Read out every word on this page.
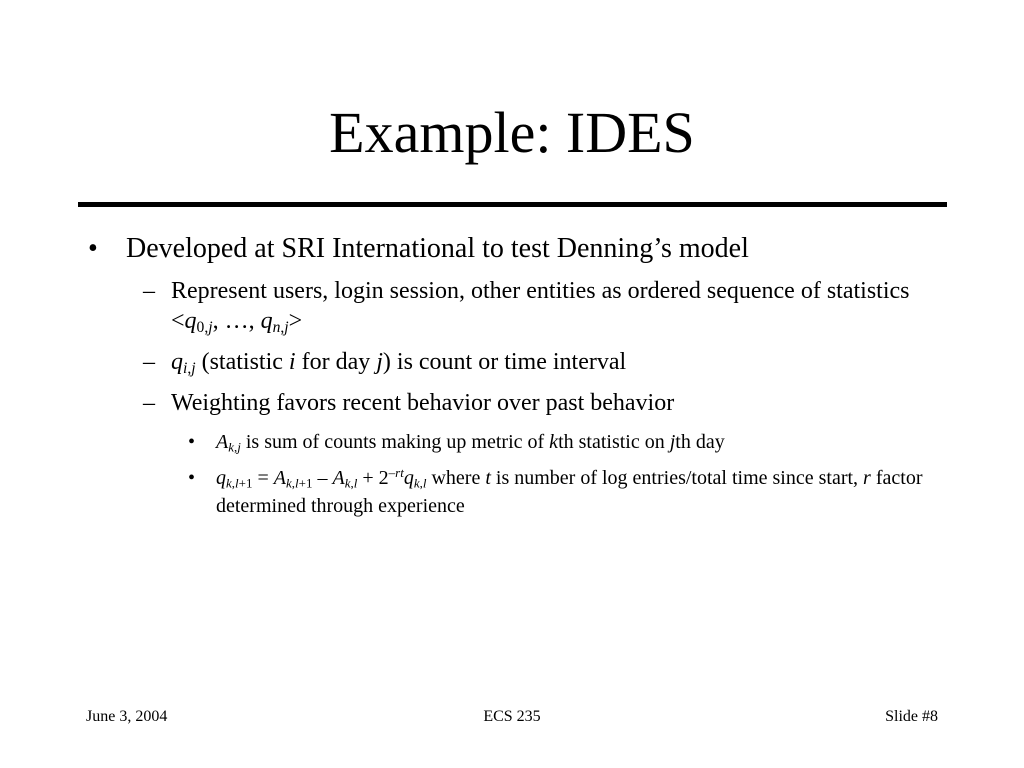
Example: IDES
• Developed at SRI International to test Denning’s model
– Represent users, login session, other entities as ordered sequence of statistics $<q_{0,j}$, …, $q_{n,j}>$
– $q_{i,j}$ (statistic i for day j) is count or time interval
– Weighting favors recent behavior over past behavior
• $A_{k,j}$ is sum of counts making up metric of kth statistic on jth day
• $q_{k,l+1} = A_{k,l+1} - A_{k,l} + 2^{-rt}q_{k,l}$ where t is number of log entries/total time since start, r factor determined through experience
June 3, 2004	ECS 235	Slide #8
